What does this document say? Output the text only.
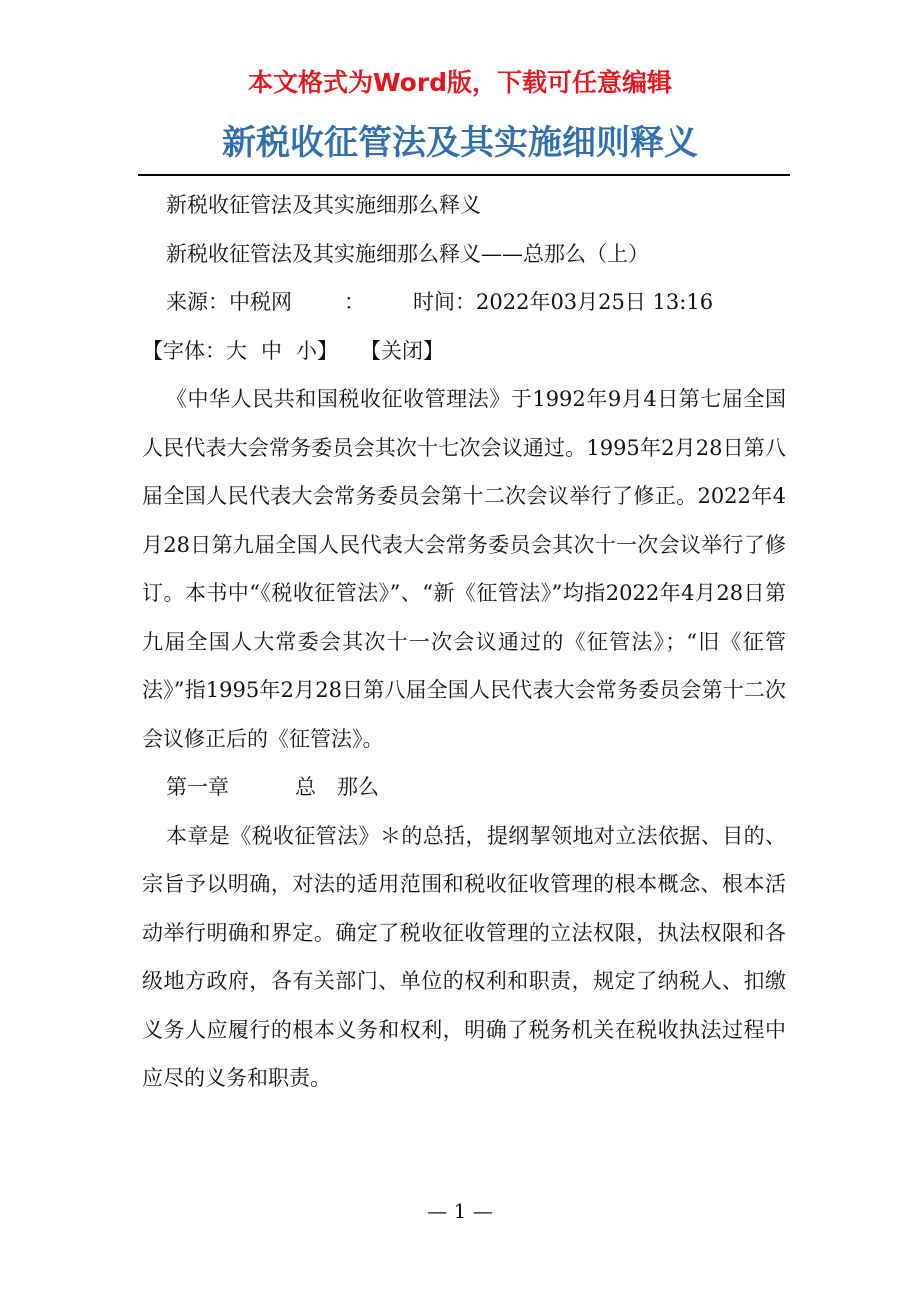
本文格式为Word版，下载可任意编辑
新税收征管法及其实施细则释义
新税收征管法及其实施细那么释义
新税收征管法及其实施细那么释义——总那么（上）
来源：中税网 ： 时间：2022年03月25日 13:16
【字体： 大 中 小】 【关闭】

《中华人民共和国税收征收管理法》于1992年9月4日第七届全国人民代表大会常务委员会其次十七次会议通过。1995年2月28日第八届全国人民代表大会常务委员会第十二次会议举行了修正。2022年4月28日第九届全国人民代表大会常务委员会其次十一次会议举行了修订。本书中“《税收征管法》”、“新《征管法》”均指2022年4月28日第九届全国人大常委会其次十一次会议通过的《征管法》；“旧《征管法》”指1995年2月28日第八届全国人民代表大会常务委员会第十二次会议修正后的《征管法》。

第一章	总　那么

本章是《税收征管法》＊的总括，提纲挈领地对立法依据、目的、宗旨予以明确，对法的适用范围和税收征收管理的根本概念、根本活动举行明确和界定。确定了税收征收管理的立法权限，执法权限和各级地方政府，各有关部门、单位的权利和职责，规定了纳税人、扣缴义务人应履行的根本义务和权利，明确了税务机关在税收执法过程中应尽的义务和职责。

— 1 —
